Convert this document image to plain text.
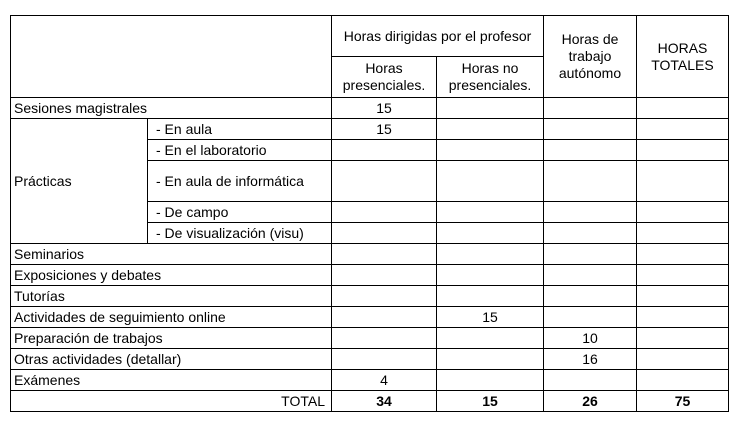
		Horas dirigidas por el profesor		Horas de trabajo autónomo	HORAS TOTALES
		Horas presenciales.	Horas no presenciales.		
Sesiones magistrales		15			
Prácticas	- En aula	15			
	- En el laboratorio				
	- En aula de informática				
	- De campo				
	- De visualización (visu)				
Seminarios					
Exposiciones y debates					
Tutorías					
Actividades de seguimiento online			15		
Preparación de trabajos				10	
Otras actividades (detallar)				16	
Exámenes		4			
TOTAL		34	15	26	75
